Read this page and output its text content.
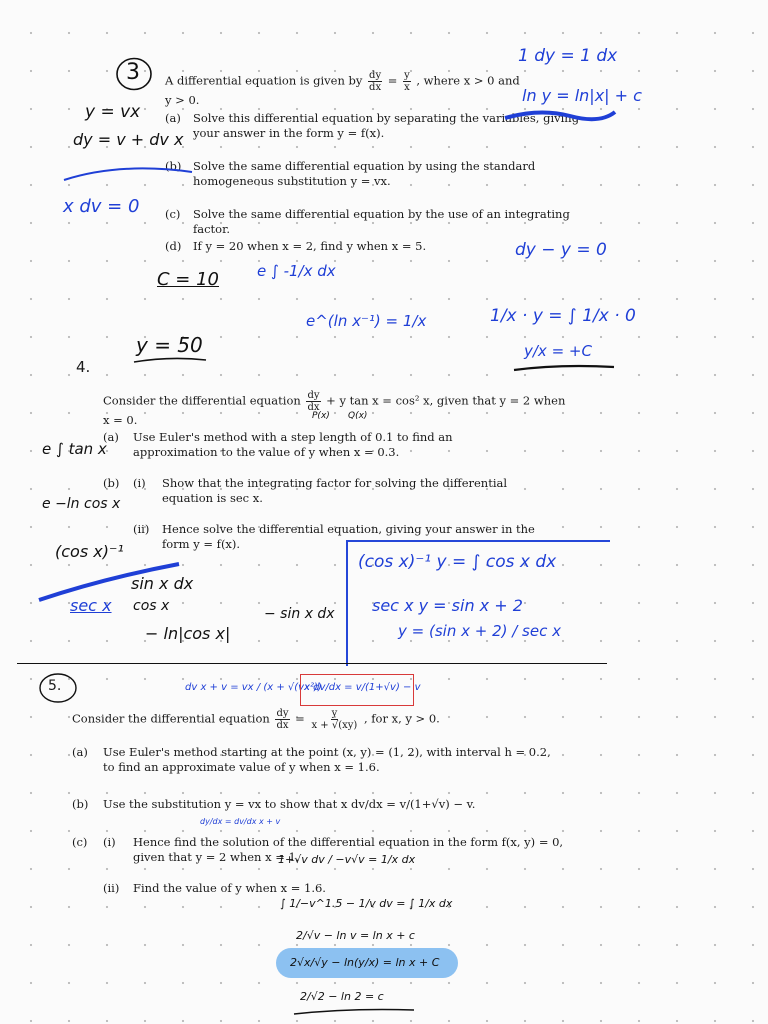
3 A differential equation is given by $\frac{dy}{dx} = \frac{y}{x}$ , where x > 0 and y > 0.
(a) Solve this differential equation by separating the variables, giving your answer in the form y = f(x).
(b) Solve the same differential equation by using the standard homogeneous substitution y = vx.
(c) Solve the same differential equation by the use of an integrating factor.
(d) If y = 20 when x = 2, find y when x = 5.
1 dy = 1 dx
ln y = ln|x| + c
y = vx
dy = v + dv x
x dv = 0
C = 10
y = 50
e ∫ -1/x dx
e^(ln x⁻¹) = 1/x
dy − y = 0
1/x · y = ∫ 1/x · 0
y/x = +C
4.
Consider the differential equation $\frac{dy}{dx} + y$ tan x = cos² x, given that y = 2 when x = 0.	P(x) Q(x)
(a) Use Euler's method with a step length of 0.1 to find an approximation to the value of y when x = 0.3.
(b) (i) Show that the integrating factor for solving the differential equation is sec x.
(ii) Hence solve the differential equation, giving your answer in the form y = f(x).
e ∫ tan x
e −ln cos x
(cos x)⁻¹
sec x
sin x dx
cos x
− ln|cos x|
− sin x dx
(cos x)⁻¹ y = ∫ cos x dx
sec x y = sin x + 2
y = (sin x + 2) / sec x
5.
Consider the differential equation $\frac{dy}{dx} = \frac{y}{x + √(xy)}$ , for x, y > 0.
(a) Use Euler's method starting at the point (x, y) = (1, 2), with interval h = 0.2, to find an approximate value of y when x = 1.6.
(b) Use the substitution y = vx to show that x dv/dx = v/(1+√v) − v.
(c) (i) Hence find the solution of the differential equation in the form f(x, y) = 0, given that y = 2 when x = 1.
(ii) Find the value of y when x = 1.6.
dv x + v = vx / (x + √(vx²))
x dv/dx = v/(1+√v) − v
dy/dx = dv/dx x + v
1+√v dv / −v√v = 1/x dx
∫ 1/−v^1.5 − 1/v dv = ∫ 1/x dx
2/√v − ln v = ln x + c
2√x/√y − ln(y/x) = ln x + C
2/√2 − ln 2 = c
